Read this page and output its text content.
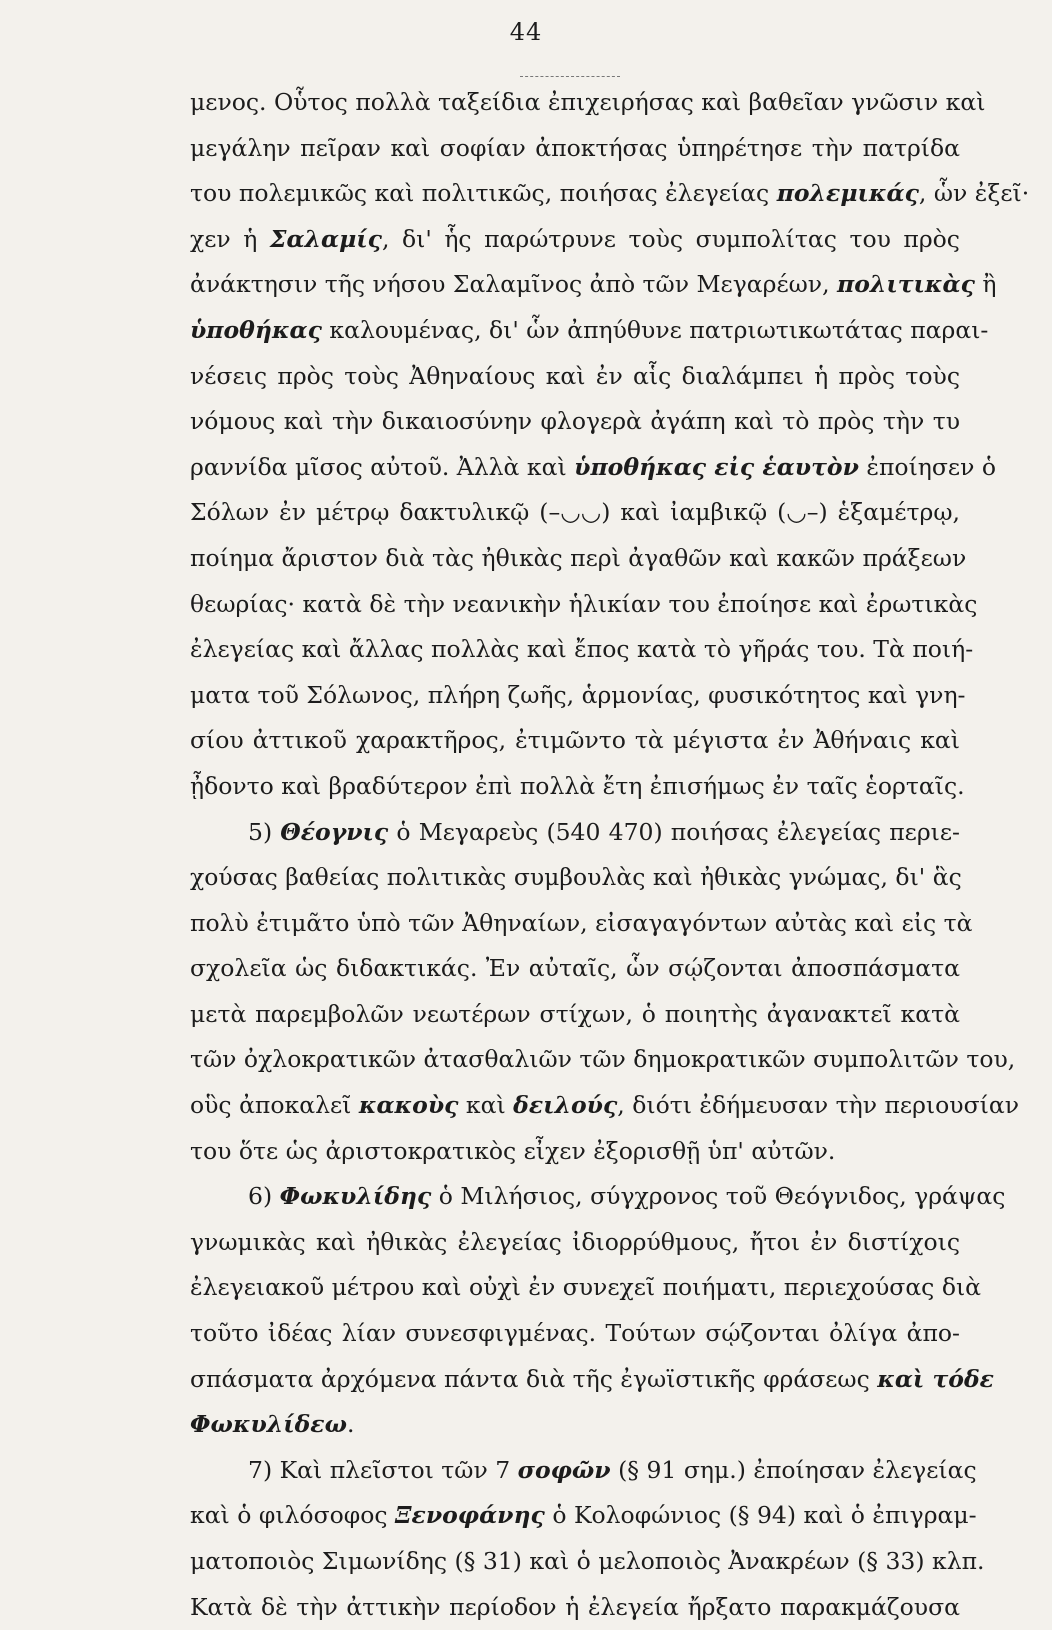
44
μενος. Οὗτος πολλὰ ταξείδια ἐπιχειρήσας καὶ βαθεῖαν γνῶσιν καὶ
μεγάλην πεῖραν καὶ σοφίαν ἀποκτήσας ὑπηρέτησε τὴν πατρίδα
του πολεμικῶς καὶ πολιτικῶς, ποιήσας ἐλεγείας πολεμικάς, ὧν ἐξεῖ·
χεν ἡ Σαλαμίς, δι' ἧς παρώτρυνε τοὺς συμπολίτας του πρὸς
ἀνάκτησιν τῆς νήσου Σαλαμῖνος ἀπὸ τῶν Μεγαρέων, πολιτικὰς ἢ
ὑποθήκας καλουμένας, δι' ὧν ἀπηύθυνε πατριωτικωτάτας παραι-
νέσεις πρὸς τοὺς Ἀθηναίους καὶ ἐν αἷς διαλάμπει ἡ πρὸς τοὺς
νόμους καὶ τὴν δικαιοσύνην φλογερὰ ἀγάπη καὶ τὸ πρὸς τὴν τυ
ραννίδα μῖσος αὐτοῦ. Ἀλλὰ καὶ ὑποθήκας εἰς ἑαυτὸν ἐποίησεν ὁ
Σόλων ἐν μέτρῳ δακτυλικῷ (–◡◡) καὶ ἰαμβικῷ (◡–) ἑξαμέτρῳ,
ποίημα ἄριστον διὰ τὰς ἠθικὰς περὶ ἀγαθῶν καὶ κακῶν πράξεων
θεωρίας· κατὰ δὲ τὴν νεανικὴν ἡλικίαν του ἐποίησε καὶ ἐρωτικὰς
ἐλεγείας καὶ ἄλλας πολλὰς καὶ ἔπος κατὰ τὸ γῆράς του. Τὰ ποιή-
ματα τοῦ Σόλωνος, πλήρη ζωῆς, ἁρμονίας, φυσικότητος καὶ γνη-
σίου ἀττικοῦ χαρακτῆρος, ἐτιμῶντο τὰ μέγιστα ἐν Ἀθήναις καὶ
ᾖδοντο καὶ βραδύτερον ἐπὶ πολλὰ ἔτη ἐπισήμως ἐν ταῖς ἑορταῖς.
5) Θέογνις ὁ Μεγαρεὺς (540 470) ποιήσας ἐλεγείας περιε-
χούσας βαθείας πολιτικὰς συμβουλὰς καὶ ἠθικὰς γνώμας, δι' ἃς
πολὺ ἐτιμᾶτο ὑπὸ τῶν Ἀθηναίων, εἰσαγαγόντων αὐτὰς καὶ εἰς τὰ
σχολεῖα ὡς διδακτικάς. Ἐν αὐταῖς, ὧν σῴζονται ἀποσπάσματα
μετὰ παρεμβολῶν νεωτέρων στίχων, ὁ ποιητὴς ἀγανακτεῖ κατὰ
τῶν ὀχλοκρατικῶν ἀτασθαλιῶν τῶν δημοκρατικῶν συμπολιτῶν του,
οὓς ἀποκαλεῖ κακοὺς καὶ δειλούς, διότι ἐδήμευσαν τὴν περιουσίαν
του ὅτε ὡς ἀριστοκρατικὸς εἶχεν ἐξορισθῇ ὑπ' αὐτῶν.
6) Φωκυλίδης ὁ Μιλήσιος, σύγχρονος τοῦ Θεόγνιδος, γράψας
γνωμικὰς καὶ ἠθικὰς ἐλεγείας ἰδιορρύθμους, ἤτοι ἐν διστίχοις
ἐλεγειακοῦ μέτρου καὶ οὐχὶ ἐν συνεχεῖ ποιήματι, περιεχούσας διὰ
τοῦτο ἰδέας λίαν συνεσφιγμένας. Τούτων σῴζονται ὀλίγα ἀπο-
σπάσματα ἀρχόμενα πάντα διὰ τῆς ἐγωϊστικῆς φράσεως καὶ τόδε
Φωκυλίδεω.
7) Καὶ πλεῖστοι τῶν 7 σοφῶν (§ 91 σημ.) ἐποίησαν ἐλεγείας
καὶ ὁ φιλόσοφος Ξενοφάνης ὁ Κολοφώνιος (§ 94) καὶ ὁ ἐπιγραμ-
ματοποιὸς Σιμωνίδης (§ 31) καὶ ὁ μελοποιὸς Ἀνακρέων (§ 33) κλπ.
Κατὰ δὲ τὴν ἀττικὴν περίοδον ἡ ἐλεγεία ἤρξατο παρακμάζουσα
